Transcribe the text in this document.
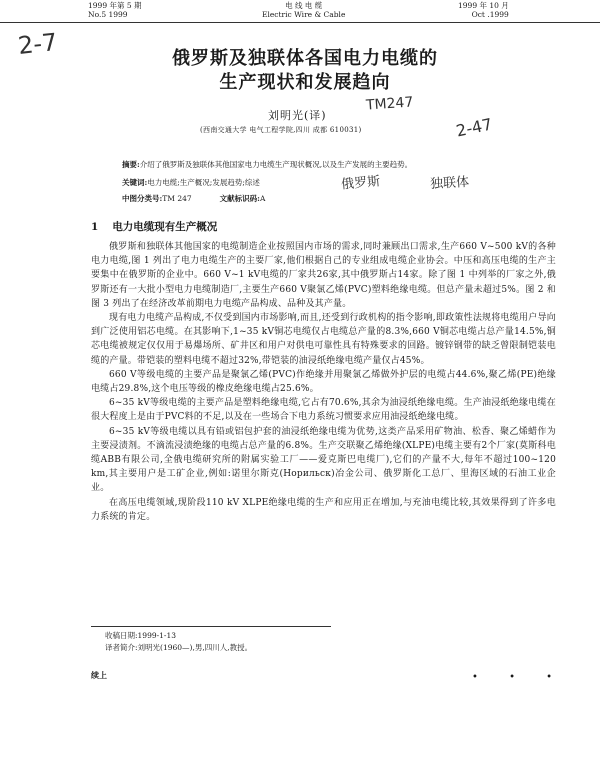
1999 年第 5 期
No.5 1999
电 线 电 缆
Electric Wire & Cable
1999 年 10 月
Oct .1999
2-7
TM247
2-47
俄罗斯	独联体
俄罗斯及独联体各国电力电缆的
生产现状和发展趋向
刘明光(译)
(西南交通大学 电气工程学院,四川 成都 610031)
摘要:介绍了俄罗斯及独联体其他国家电力电缆生产现状概况,以及生产发展的主要趋势。
关键词:电力电缆;生产概况;发展趋势;综述
中图分类号:TM 247	文献标识码:A
1 电力电缆现有生产概况

俄罗斯和独联体其他国家的电缆制造企业按照国内市场的需求,同时兼顾出口需求,生产660 V~500 kV的各种电力电缆,图 1 列出了电力电缆生产的主要厂家,他们根据自己的专业组成电缆企业协会。中压和高压电缆的生产主要集中在俄罗斯的企业中。660 V~1 kV电缆的厂家共26家,其中俄罗斯占14家。除了图 1 中列举的厂家之外,俄罗斯还有一大批小型电力电缆制造厂,主要生产660 V聚氯乙烯(PVC)塑料绝缘电缆。但总产量未超过5%。图 2 和图 3 列出了在经济改革前期电力电缆产品构成、品种及其产量。

现有电力电缆产品构成,不仅受到国内市场影响,而且,还受到行政机构的指令影响,即政策性法规将电缆用户导向到广泛使用铝芯电缆。在其影响下,1~35 kV铜芯电缆仅占电缆总产量的8.3%,660 V铜芯电缆占总产量14.5%,铜芯电缆被规定仅仅用于易爆场所、矿井区和用户对供电可靠性具有特殊要求的回路。镀锌钢带的缺乏曾限制铠装电缆的产量。带铠装的塑料电缆不超过32%,带铠装的油浸纸绝缘电缆产量仅占45%。

660 V等级电缆的主要产品是聚氯乙烯(PVC)作绝缘并用聚氯乙烯做外护层的电缆占44.6%,聚乙烯(PE)绝缘电缆占29.8%,这个电压等级的橡皮绝缘电缆占25.6%。

6~35 kV等级电缆的主要产品是塑料绝缘电缆,它占有70.6%,其余为油浸纸绝缘电缆。生产油浸纸绝缘电缆在很大程度上是由于PVC料的不足,以及在一些场合下电力系统习惯要求应用油浸纸绝缘电缆。

6~35 kV等级电缆以具有铅或铝包护套的油浸纸绝缘电缆为优势,这类产品采用矿物油、松香、聚乙烯蜡作为主要浸渍剂。不滴流浸渍绝缘的电缆占总产量的6.8%。生产交联聚乙烯绝缘(XLPE)电缆主要有2个厂家(莫斯科电缆ABB有限公司,全俄电缆研究所的附属实验工厂——爱克斯巴电缆厂),它们的产量不大,每年不超过100~120 km,其主要用户是工矿企业,例如:诺里尔斯克(Норильск)冶金公司、俄罗斯化工总厂、里海区域的石油工业企业。

在高压电缆领域,现阶段110 kV XLPE绝缘电缆的生产和应用正在增加,与充油电缆比较,其效果得到了许多电力系统的肯定。

收稿日期:1999-1-13
译者简介:刘明光(1960—),男,四川人,教授。
续上	• • •
